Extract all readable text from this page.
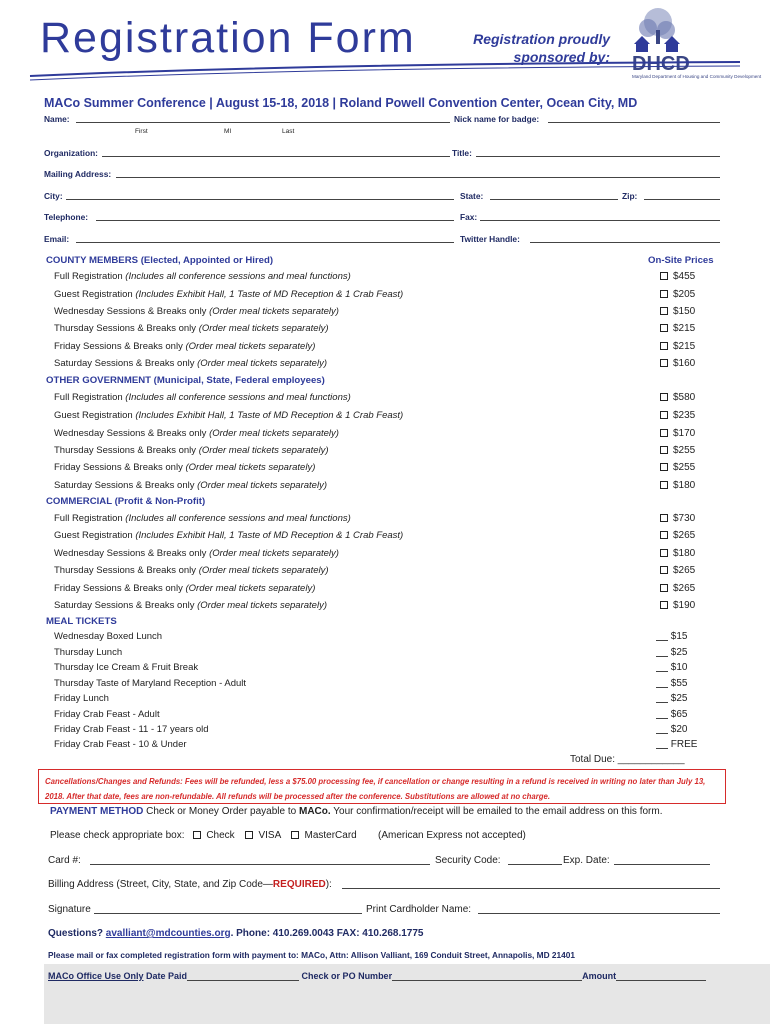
Registration Form	Registration proudly
sponsored by: DHCD
Maryland Department of Housing and Community Development
MACo Summer Conference | August 15-18, 2018 | Roland Powell Convention Center, Ocean City, MD
Name:	Nick name for badge:
First	MI	Last
Organization:	Title:
Mailing Address:
City:	State:	Zip:
Telephone:	Fax:
Email:	Twitter Handle:
On-Site Prices
COUNTY MEMBERS (Elected, Appointed or Hired)
Full Registration (Includes all conference sessions and meal functions)	$455
Guest Registration (Includes Exhibit Hall, 1 Taste of MD Reception & 1 Crab Feast)	$205
Wednesday Sessions & Breaks only (Order meal tickets separately)	$150
Thursday Sessions & Breaks only (Order meal tickets separately)	$215
Friday Sessions & Breaks only (Order meal tickets separately)	$215
Saturday Sessions & Breaks only (Order meal tickets separately)	$160
OTHER GOVERNMENT (Municipal, State, Federal employees)
Full Registration (Includes all conference sessions and meal functions)	$580
Guest Registration (Includes Exhibit Hall, 1 Taste of MD Reception & 1 Crab Feast)	$235
Wednesday Sessions & Breaks only (Order meal tickets separately)	$170
Thursday Sessions & Breaks only (Order meal tickets separately)	$255
Friday Sessions & Breaks only (Order meal tickets separately)	$255
Saturday Sessions & Breaks only (Order meal tickets separately)	$180
COMMERCIAL (Profit & Non-Profit)
Full Registration (Includes all conference sessions and meal functions)	$730
Guest Registration (Includes Exhibit Hall, 1 Taste of MD Reception & 1 Crab Feast)	$265
Wednesday Sessions & Breaks only (Order meal tickets separately)	$180
Thursday Sessions & Breaks only (Order meal tickets separately)	$265
Friday Sessions & Breaks only (Order meal tickets separately)	$265
Saturday Sessions & Breaks only (Order meal tickets separately)	$190
MEAL TICKETS
Wednesday Boxed Lunch	$15
Thursday Lunch	$25
Thursday Ice Cream & Fruit Break	$10
Thursday Taste of Maryland Reception - Adult	$55
Friday Lunch	$25
Friday Crab Feast - Adult	$65
Friday Crab Feast - 11 - 17 years old	$20
Friday Crab Feast - 10 & Under	FREE
Total Due: ____________
Cancellations/Changes and Refunds: Fees will be refunded, less a $75.00 processing fee, if cancellation or change resulting in a refund is received in writing no later than July 13, 2018. After that date, fees are non-refundable. All refunds will be processed after the conference. Substitutions are allowed at no charge.
PAYMENT METHOD Check or Money Order payable to MACo. Your confirmation/receipt will be emailed to the email address on this form.
Please check appropriate box: Check VISA MasterCard (American Express not accepted)
Card #:	Security Code:	Exp. Date:
Billing Address (Street, City, State, and Zip Code—REQUIRED):
Signature	Print Cardholder Name:
Questions? avalliant@mdcounties.org. Phone: 410.269.0043 FAX: 410.268.1775
Please mail or fax completed registration form with payment to: MACo, Attn: Allison Valliant, 169 Conduit Street, Annapolis, MD 21401
MACo Office Use Only Date Paid	Check or PO Number	Amount
